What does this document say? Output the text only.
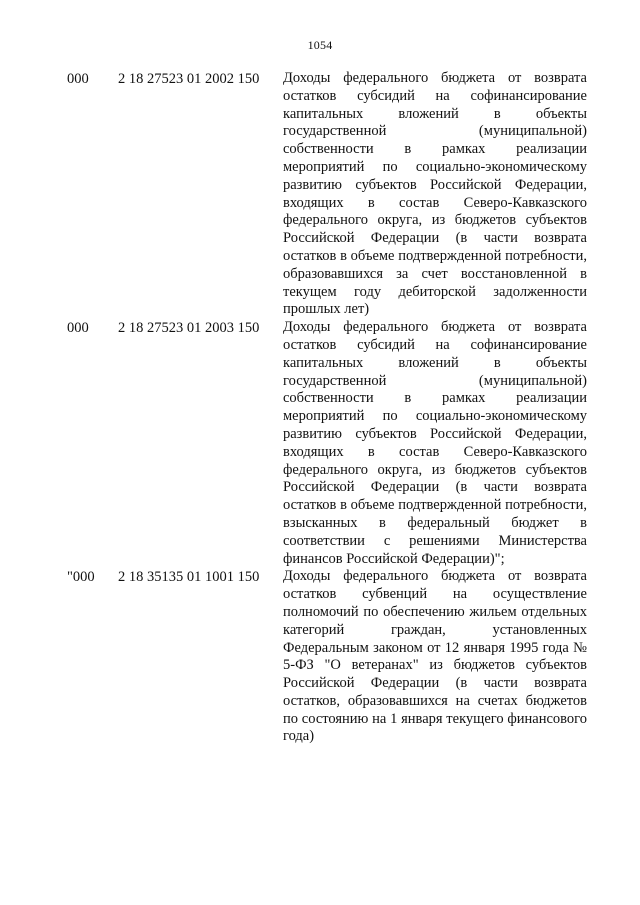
1054
000 2 18 27523 01 2002 150 Доходы федерального бюджета от возврата остатков субсидий на софинансирование капитальных вложений в объекты государственной (муниципальной) собственности в рамках реализации мероприятий по социально-экономическому развитию субъектов Российской Федерации, входящих в состав Северо-Кавказского федерального округа, из бюджетов субъектов Российской Федерации (в части возврата остатков в объеме подтвержденной потребности, образовавшихся за счет восстановленной в текущем году дебиторской задолженности прошлых лет)
000 2 18 27523 01 2003 150 Доходы федерального бюджета от возврата остатков субсидий на софинансирование капитальных вложений в объекты государственной (муниципальной) собственности в рамках реализации мероприятий по социально-экономическому развитию субъектов Российской Федерации, входящих в состав Северо-Кавказского федерального округа, из бюджетов субъектов Российской Федерации (в части возврата остатков в объеме подтвержденной потребности, взысканных в федеральный бюджет в соответствии с решениями Министерства финансов Российской Федерации)";
"000 2 18 35135 01 1001 150 Доходы федерального бюджета от возврата остатков субвенций на осуществление полномочий по обеспечению жильем отдельных категорий граждан, установленных Федеральным законом от 12 января 1995 года № 5-ФЗ "О ветеранах" из бюджетов субъектов Российской Федерации (в части возврата остатков, образовавшихся на счетах бюджетов по состоянию на 1 января текущего финансового года)
